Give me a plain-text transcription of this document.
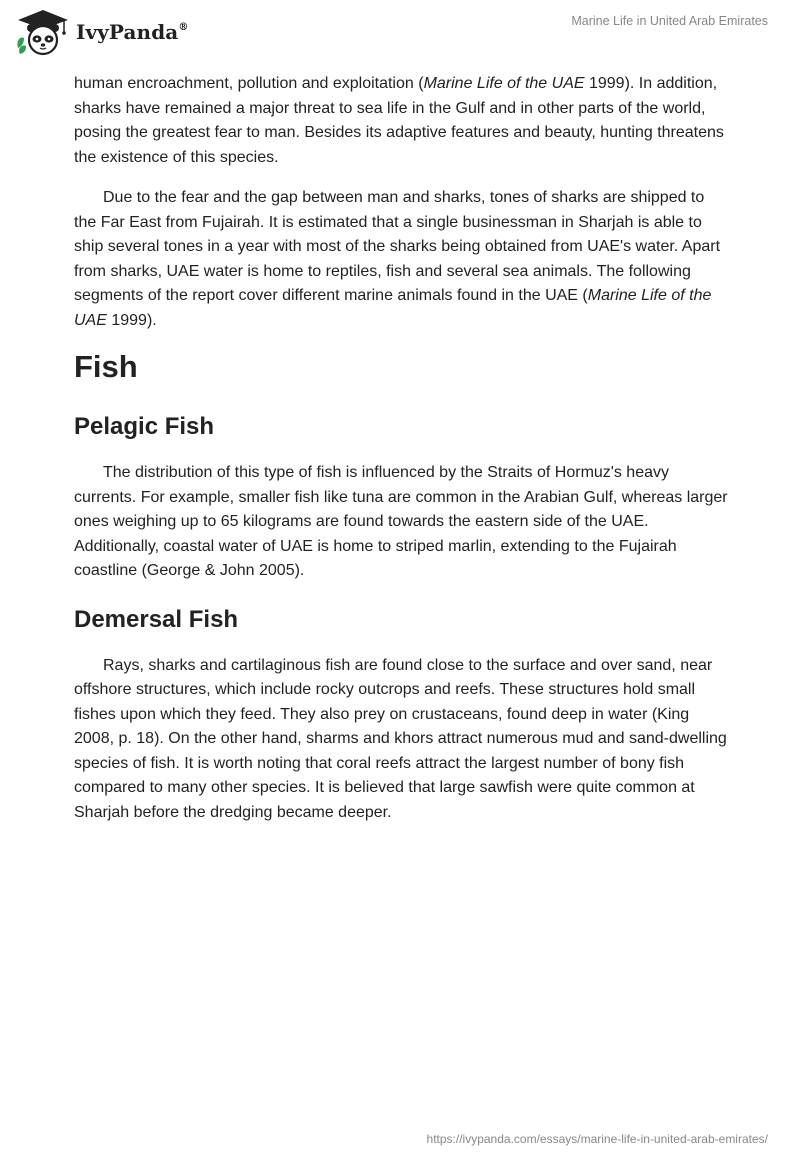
IvyPanda®	Marine Life in United Arab Emirates

human encroachment, pollution and exploitation (Marine Life of the UAE 1999). In addition, sharks have remained a major threat to sea life in the Gulf and in other parts of the world, posing the greatest fear to man. Besides its adaptive features and beauty, hunting threatens the existence of this species.

Due to the fear and the gap between man and sharks, tones of sharks are shipped to the Far East from Fujairah. It is estimated that a single businessman in Sharjah is able to ship several tones in a year with most of the sharks being obtained from UAE's water. Apart from sharks, UAE water is home to reptiles, fish and several sea animals. The following segments of the report cover different marine animals found in the UAE (Marine Life of the UAE 1999).

Fish
Pelagic Fish

The distribution of this type of fish is influenced by the Straits of Hormuz's heavy currents. For example, smaller fish like tuna are common in the Arabian Gulf, whereas larger ones weighing up to 65 kilograms are found towards the eastern side of the UAE. Additionally, coastal water of UAE is home to striped marlin, extending to the Fujairah coastline (George & John 2005).

Demersal Fish

Rays, sharks and cartilaginous fish are found close to the surface and over sand, near offshore structures, which include rocky outcrops and reefs. These structures hold small fishes upon which they feed. They also prey on crustaceans, found deep in water (King 2008, p. 18). On the other hand, sharms and khors attract numerous mud and sand-dwelling species of fish. It is worth noting that coral reefs attract the largest number of bony fish compared to many other species. It is believed that large sawfish were quite common at Sharjah before the dredging became deeper.

https://ivypanda.com/essays/marine-life-in-united-arab-emirates/
